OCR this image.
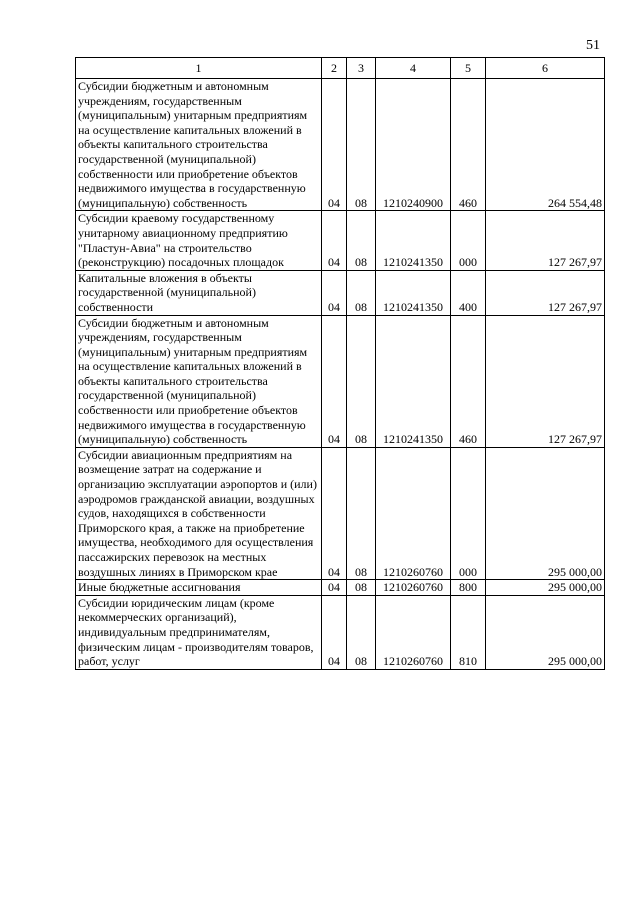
51
1	2	3	4	5	6
Субсидии бюджетным и автономным учреждениям, государственным (муниципальным) унитарным предприятиям на осуществление капитальных вложений в объекты капитального строительства государственной (муниципальной) собственности или приобретение объектов недвижимого имущества в государственную (муниципальную) собственность	04	08	1210240900	460	264 554,48
Субсидии краевому государственному унитарному авиационному предприятию "Пластун-Авиа" на строительство (реконструкцию) посадочных площадок	04	08	1210241350	000	127 267,97
Капитальные вложения в объекты государственной (муниципальной) собственности	04	08	1210241350	400	127 267,97
Субсидии бюджетным и автономным учреждениям, государственным (муниципальным) унитарным предприятиям на осуществление капитальных вложений в объекты капитального строительства государственной (муниципальной) собственности или приобретение объектов недвижимого имущества в государственную (муниципальную) собственность	04	08	1210241350	460	127 267,97
Субсидии авиационным предприятиям на возмещение затрат на содержание и организацию эксплуатации аэропортов и (или) аэродромов гражданской авиации, воздушных судов, находящихся в собственности Приморского края, а также на приобретение имущества, необходимого для осуществления пассажирских перевозок на местных воздушных линиях в Приморском крае	04	08	1210260760	000	295 000,00
Иные бюджетные ассигнования	04	08	1210260760	800	295 000,00
Субсидии юридическим лицам (кроме некоммерческих организаций), индивидуальным предпринимателям, физическим лицам - производителям товаров, работ, услуг	04	08	1210260760	810	295 000,00
